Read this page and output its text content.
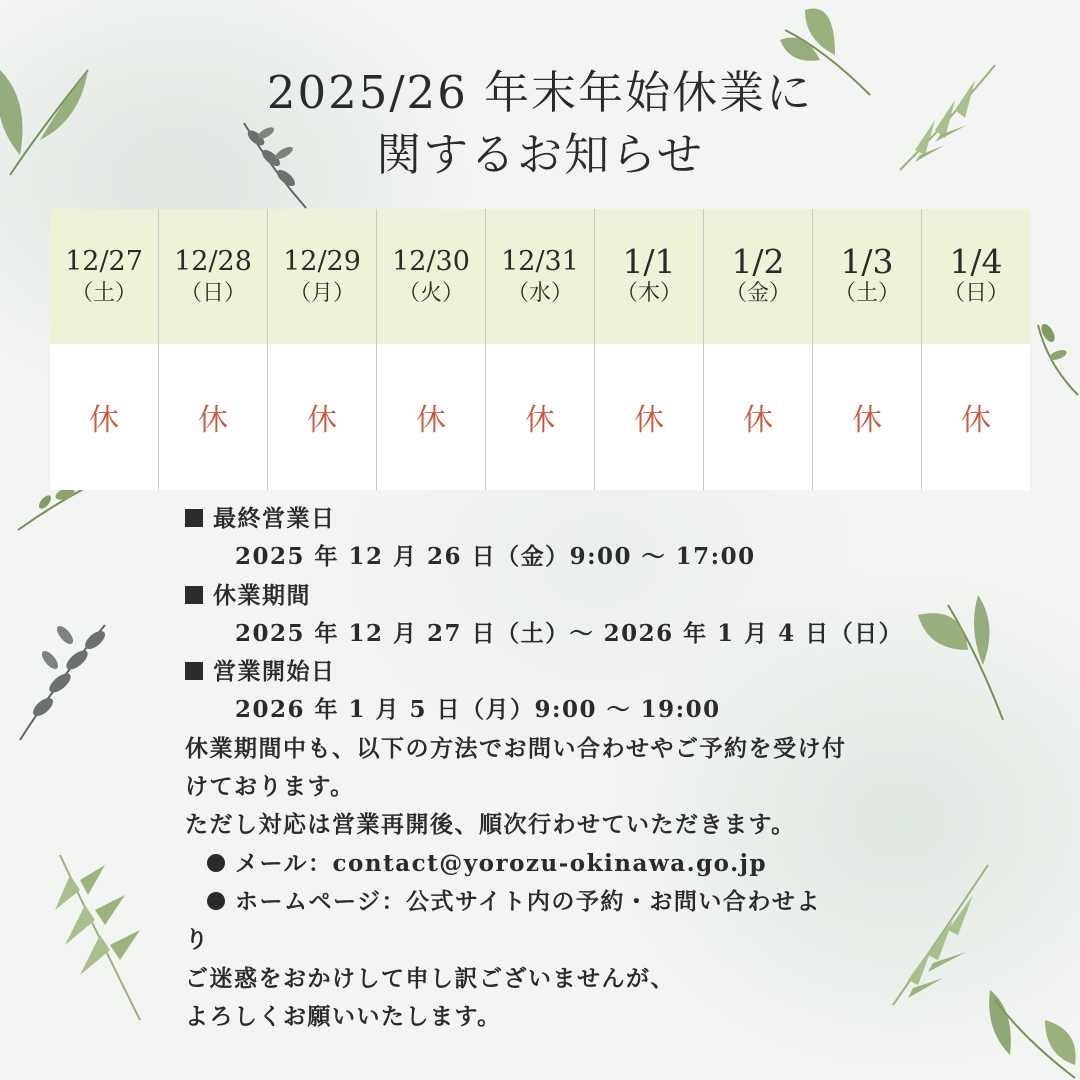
2025/26 年末年始休業に
関するお知らせ
12/27
（土）
休
12/28
（日）
休
12/29
（月）
休
12/30
（火）
休
12/31
（水）
休
1/1
（木）
休
1/2
（金）
休
1/3
（土）
休
1/4
（日）
休
最終営業日
2025 年 12 月 26 日（金）9:00 ～ 17:00
休業期間
2025 年 12 月 27 日（土）～ 2026 年 1 月 4 日（日）
営業開始日
2026 年 1 月 5 日（月）9:00 ～ 19:00
休業期間中も、以下の方法でお問い合わせやご予約を受け付
けております。
ただし対応は営業再開後、順次行わせていただきます。
メール：contact@yorozu-okinawa.go.jp
ホームページ：公式サイト内の予約・お問い合わせよ
り
ご迷惑をおかけして申し訳ございませんが、
よろしくお願いいたします。
